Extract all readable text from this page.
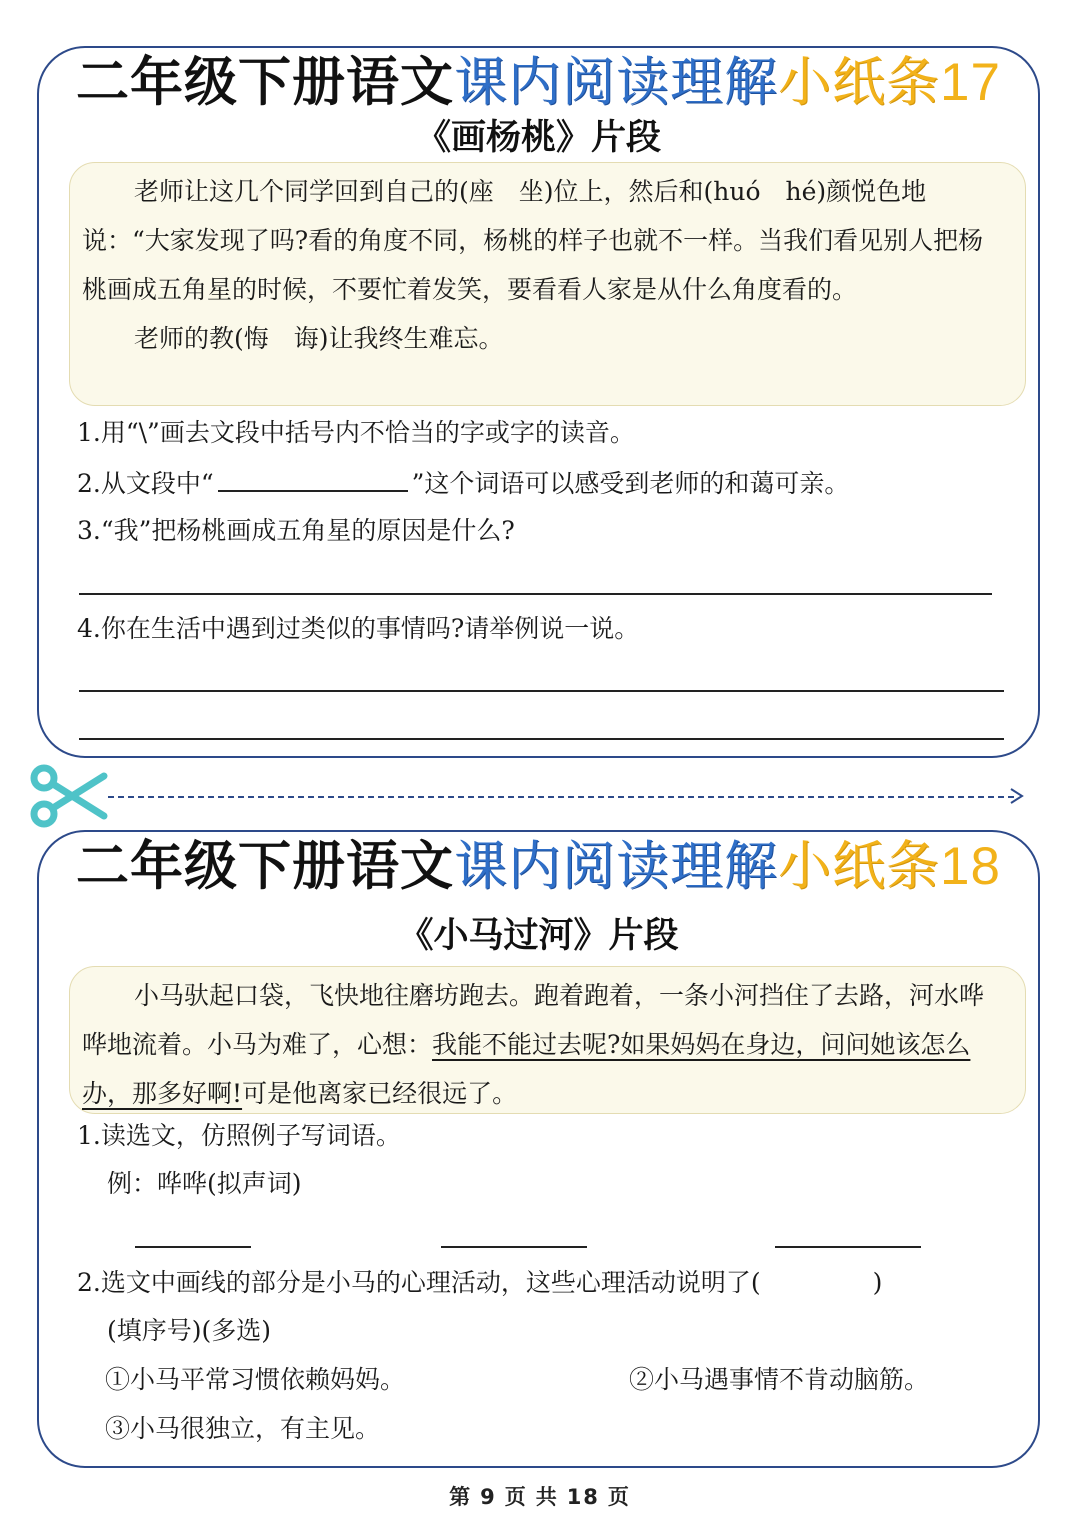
二年级下册语文课内阅读理解小纸条17
《画杨桃》片段

老师让这几个同学回到自己的(座　坐)位上，然后和(huó　hé)颜悦色地说：“大家发现了吗?看的角度不同，杨桃的样子也就不一样。当我们看见别人把杨桃画成五角星的时候，不要忙着发笑，要看看人家是从什么角度看的。

老师的教(悔　诲)让我终生难忘。

1.用“\”画去文段中括号内不恰当的字或字的读音。
2.从文段中“	”这个词语可以感受到老师的和蔼可亲。
3.“我”把杨桃画成五角星的原因是什么?
4.你在生活中遇到过类似的事情吗?请举例说一说。
二年级下册语文课内阅读理解小纸条18
《小马过河》片段

小马驮起口袋，飞快地往磨坊跑去。跑着跑着，一条小河挡住了去路，河水哗哗地流着。小马为难了，心想：我能不能过去呢?如果妈妈在身边，问问她该怎么办，那多好啊!可是他离家已经很远了。

1.读选文，仿照例子写词语。
例：哗哗(拟声词)
2.选文中画线的部分是小马的心理活动，这些心理活动说明了(	)
(填序号)(多选)
①小马平常习惯依赖妈妈。	②小马遇事情不肯动脑筋。
③小马很独立，有主见。
第 9 页 共 18 页
